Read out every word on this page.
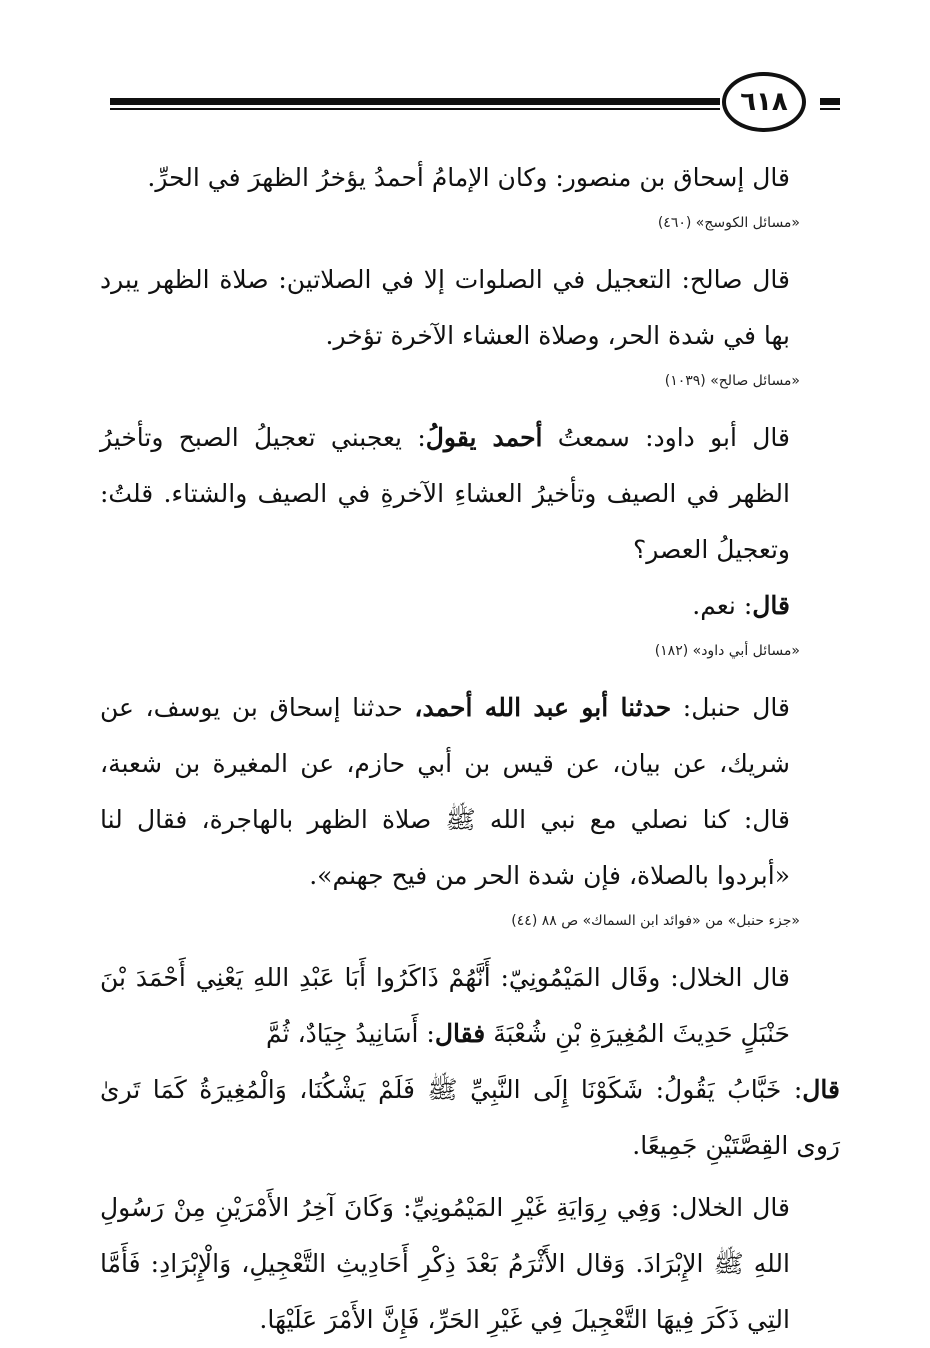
٦١٨

قال إسحاق بن منصور: وكان الإمامُ أحمدُ يؤخرُ الظهرَ في الحرِّ.

«مسائل الكوسج» (٤٦٠)

قال صالح: التعجيل في الصلوات إلا في الصلاتين: صلاة الظهر يبرد بها في شدة الحر، وصلاة العشاء الآخرة تؤخر.

«مسائل صالح» (١٠٣٩)

قال أبو داود: سمعتُ أحمد يقولُ: يعجبني تعجيلُ الصبح وتأخيرُ الظهر في الصيف وتأخيرُ العشاءِ الآخرةِ في الصيف والشتاء. قلتُ: وتعجيلُ العصر؟
قال: نعم.

«مسائل أبي داود» (١٨٢)

قال حنبل: حدثنا أبو عبد الله أحمد، حدثنا إسحاق بن يوسف، عن شريك، عن بيان، عن قيس بن أبي حازم، عن المغيرة بن شعبة، قال: كنا نصلي مع نبي الله ﷺ صلاة الظهر بالهاجرة، فقال لنا «أبردوا بالصلاة، فإن شدة الحر من فيح جهنم».

«جزء حنبل» من «فوائد ابن السماك» ص ٨٨ (٤٤)

قال الخلال: وقَال المَيْمُونِيّ: أَنَّهُمْ ذَاكَرُوا أَبَا عَبْدِ اللهِ يَعْنِي أَحْمَدَ بْنَ حَنْبَلٍ حَدِيثَ المُغِيرَةِ بْنِ شُعْبَةَ فقال: أَسَانِيدُ جِيَادٌ، ثُمَّ
قال: خَبَّابُ يَقُولُ: شَكَوْنَا إِلَى النَّبِيِّ ﷺ فَلَمْ يَشْكُنَا، وَالْمُغِيرَةُ كَمَا تَرىٰ رَوى القِصَّتَيْنِ جَمِيعًا.

قال الخلال: وَفِي رِوَايَةِ غَيْرِ المَيْمُونِيِّ: وَكَانَ آخِرُ الأَمْرَيْنِ مِنْ رَسُولِ اللهِ ﷺ الإِبْرَادَ. وَقال الأَثْرَمُ بَعْدَ ذِكْرِ أَحَادِيثِ التَّعْجِيلِ، وَالْإِبْرَادِ: فَأَمَّا التِي ذَكَرَ فِيهَا التَّعْجِيلَ فِي غَيْرِ الحَرِّ، فَإِنَّ الأَمْرَ عَلَيْهَا.
